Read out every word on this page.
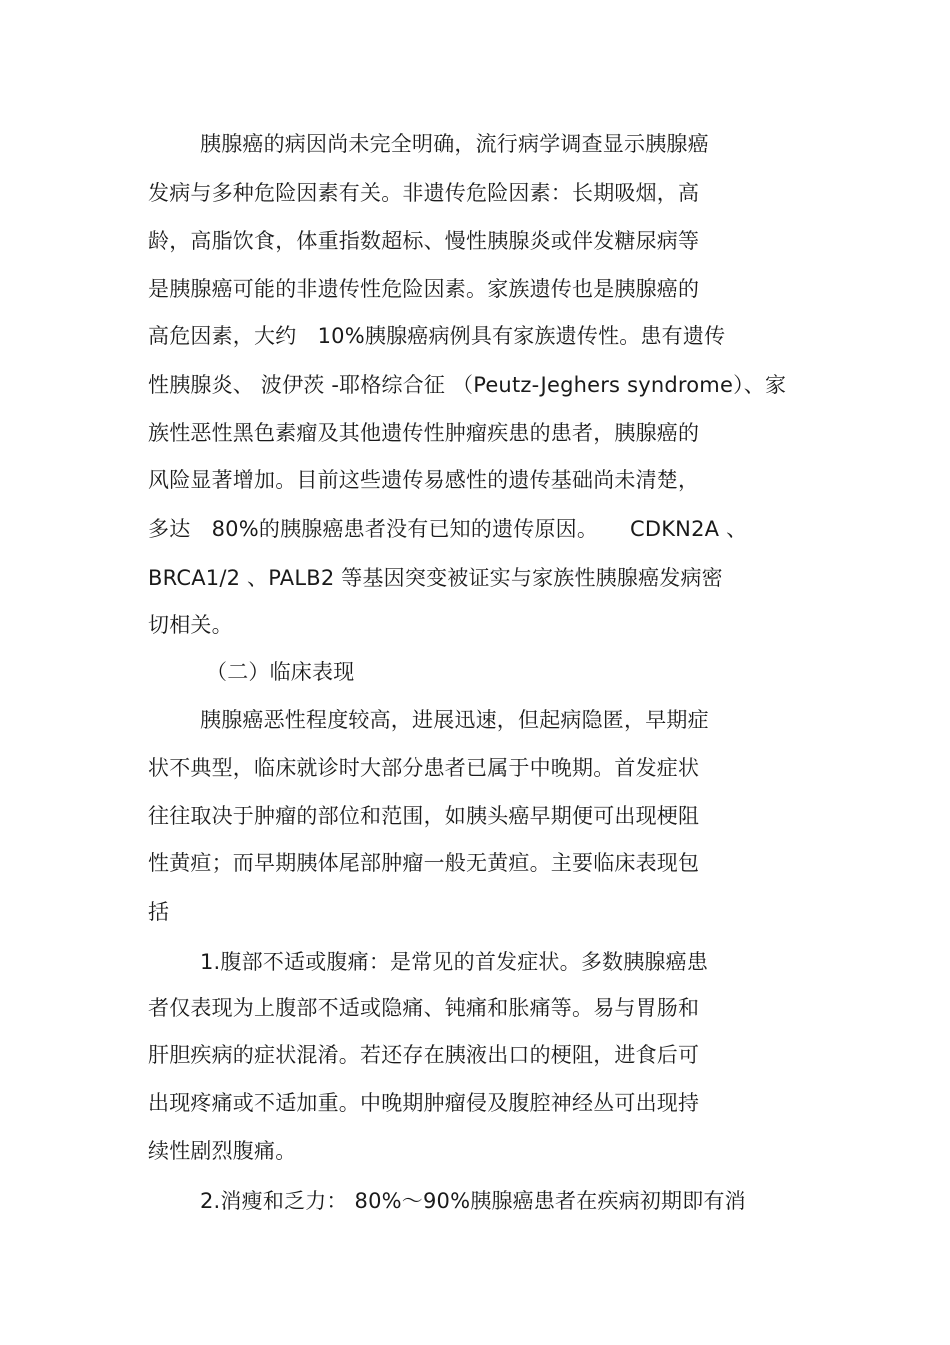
胰腺癌的病因尚未完全明确，流行病学调查显示胰腺癌
发病与多种危险因素有关。非遗传危险因素：长期吸烟，高
龄，高脂饮食，体重指数超标、慢性胰腺炎或伴发糖尿病等
是胰腺癌可能的非遗传性危险因素。家族遗传也是胰腺癌的
高危因素，大约　10%胰腺癌病例具有家族遗传性。患有遗传
性胰腺炎、 波伊茨 -耶格综合征 （Peutz-Jeghers syndrome）、家
族性恶性黑色素瘤及其他遗传性肿瘤疾患的患者，胰腺癌的
风险显著增加。目前这些遗传易感性的遗传基础尚未清楚，
多达　80%的胰腺癌患者没有已知的遗传原因。　　CDKN2A 、
BRCA1/2 、PALB2 等基因突变被证实与家族性胰腺癌发病密
切相关。
（二）临床表现
胰腺癌恶性程度较高，进展迅速，但起病隐匿，早期症
状不典型，临床就诊时大部分患者已属于中晚期。首发症状
往往取决于肿瘤的部位和范围，如胰头癌早期便可出现梗阻
性黄疸；而早期胰体尾部肿瘤一般无黄疸。主要临床表现包
括
1.腹部不适或腹痛：是常见的首发症状。多数胰腺癌患
者仅表现为上腹部不适或隐痛、钝痛和胀痛等。易与胃肠和
肝胆疾病的症状混淆。若还存在胰液出口的梗阻，进食后可
出现疼痛或不适加重。中晚期肿瘤侵及腹腔神经丛可出现持
续性剧烈腹痛。
2.消瘦和乏力： 80%～90%胰腺癌患者在疾病初期即有消
